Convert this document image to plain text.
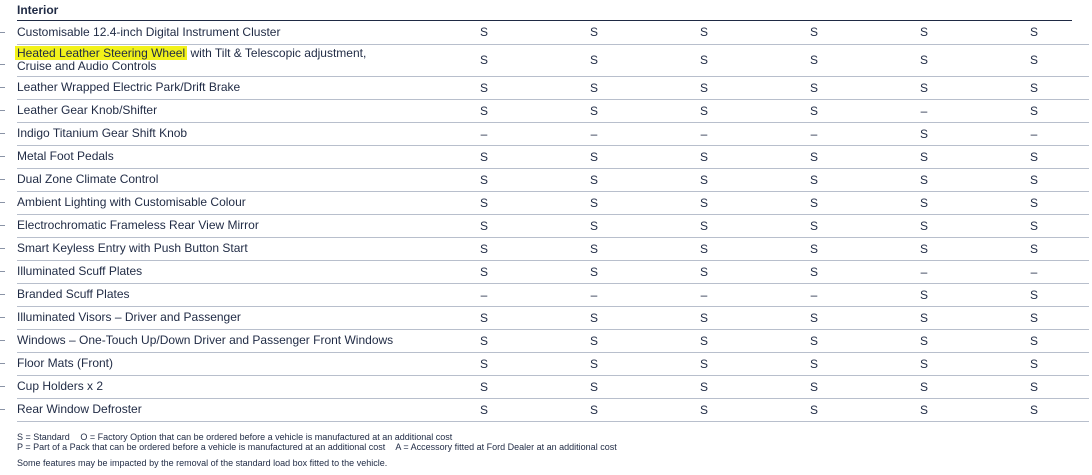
Interior
Customisable 12.4-inch Digital Instrument Cluster	S	S	S	S	S	S
Heated Leather Steering Wheel with Tilt & Telescopic adjustment,
Cruise and Audio Controls	S	S	S	S	S	S
Leather Wrapped Electric Park/Drift Brake	S	S	S	S	S	S
Leather Gear Knob/Shifter	S	S	S	S	–	S
Indigo Titanium Gear Shift Knob	–	–	–	–	S	–
Metal Foot Pedals	S	S	S	S	S	S
Dual Zone Climate Control	S	S	S	S	S	S
Ambient Lighting with Customisable Colour	S	S	S	S	S	S
Electrochromatic Frameless Rear View Mirror	S	S	S	S	S	S
Smart Keyless Entry with Push Button Start	S	S	S	S	S	S
Illuminated Scuff Plates	S	S	S	S	–	–
Branded Scuff Plates	–	–	–	–	S	S
Illuminated Visors – Driver and Passenger	S	S	S	S	S	S
Windows – One-Touch Up/Down Driver and Passenger Front Windows	S	S	S	S	S	S
Floor Mats (Front)	S	S	S	S	S	S
Cup Holders x 2	S	S	S	S	S	S
Rear Window Defroster	S	S	S	S	S	S
S = Standard O = Factory Option that can be ordered before a vehicle is manufactured at an additional cost
P = Part of a Pack that can be ordered before a vehicle is manufactured at an additional cost A = Accessory fitted at Ford Dealer at an additional cost
Some features may be impacted by the removal of the standard load box fitted to the vehicle.
